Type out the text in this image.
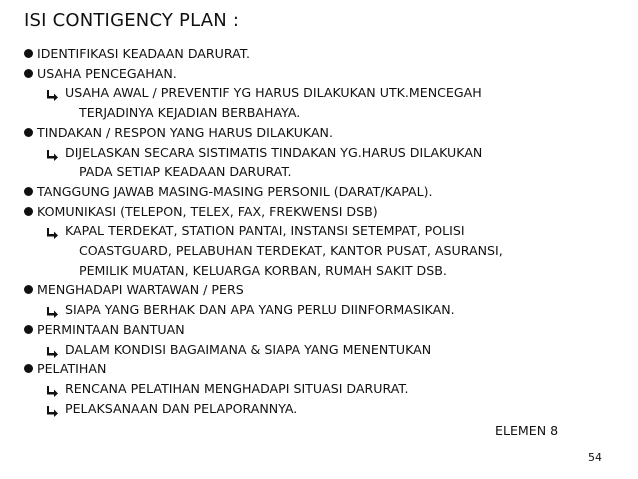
ISI CONTIGENCY PLAN :
IDENTIFIKASI KEADAAN DARURAT.
USAHA PENCEGAHAN.
USAHA AWAL / PREVENTIF YG HARUS DILAKUKAN UTK.MENCEGAH
TERJADINYA KEJADIAN BERBAHAYA.
TINDAKAN / RESPON YANG HARUS DILAKUKAN.
DIJELASKAN SECARA SISTIMATIS TINDAKAN YG.HARUS DILAKUKAN
PADA SETIAP KEADAAN DARURAT.
TANGGUNG JAWAB MASING-MASING PERSONIL (DARAT/KAPAL).
KOMUNIKASI (TELEPON, TELEX, FAX, FREKWENSI DSB)
KAPAL TERDEKAT, STATION PANTAI, INSTANSI SETEMPAT, POLISI
COASTGUARD, PELABUHAN TERDEKAT, KANTOR PUSAT, ASURANSI,
PEMILIK MUATAN, KELUARGA KORBAN, RUMAH SAKIT DSB.
MENGHADAPI WARTAWAN / PERS
SIAPA YANG BERHAK DAN APA YANG PERLU DIINFORMASIKAN.
PERMINTAAN BANTUAN
DALAM KONDISI BAGAIMANA & SIAPA YANG MENENTUKAN
PELATIHAN
RENCANA PELATIHAN MENGHADAPI SITUASI DARURAT.
PELAKSANAAN DAN PELAPORANNYA.
ELEMEN 8
54
